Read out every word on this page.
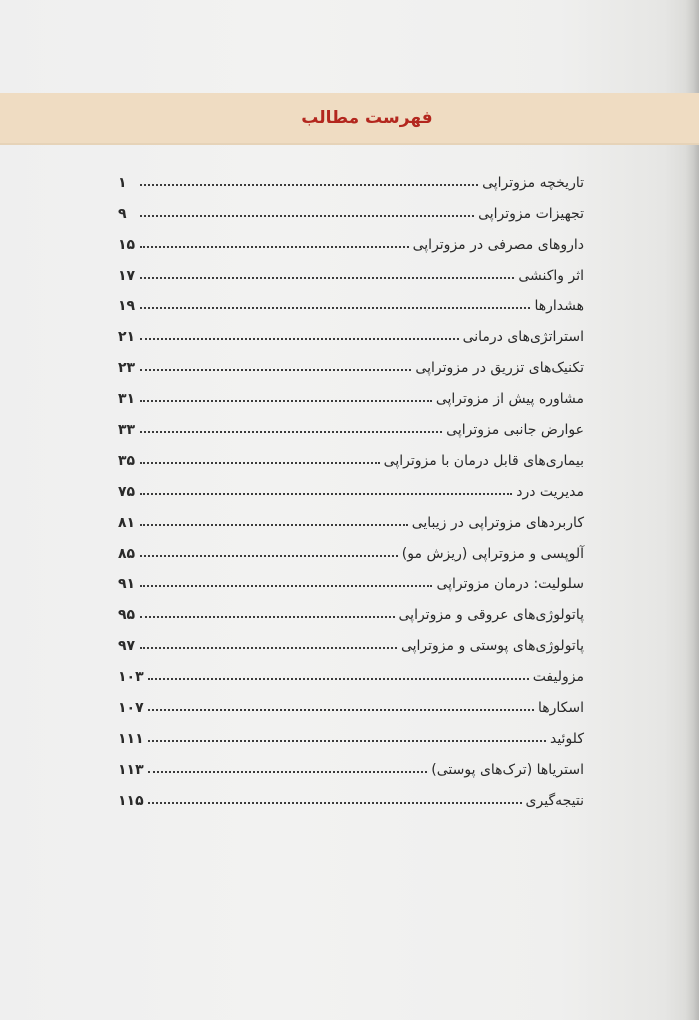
فهرست مطالب
تاریخچه مزوتراپی
۱
تجهیزات مزوتراپی
۹
داروهای مصرفی در مزوتراپی
۱۵
اثر واکنشی
۱۷
هشدارها
۱۹
استراتژی‌های درمانی
۲۱
تکنیک‌های تزریق در مزوتراپی
۲۳
مشاوره پیش از مزوتراپی
۳۱
عوارض جانبی مزوتراپی
۳۳
بیماری‌های قابل درمان با مزوتراپی
۳۵
مدیریت درد
۷۵
کاربردهای مزوتراپی در زیبایی
۸۱
آلوپسی و مزوتراپی (ریزش مو)
۸۵
سلولیت: درمان مزوتراپی
۹۱
پاتولوژی‌های عروقی و مزوتراپی
۹۵
پاتولوژی‌های پوستی و مزوتراپی
۹۷
مزولیفت
۱۰۳
اسکارها
۱۰۷
کلوئید
۱۱۱
استریاها (ترک‌های پوستی)
۱۱۳
نتیجه‌گیری
۱۱۵
